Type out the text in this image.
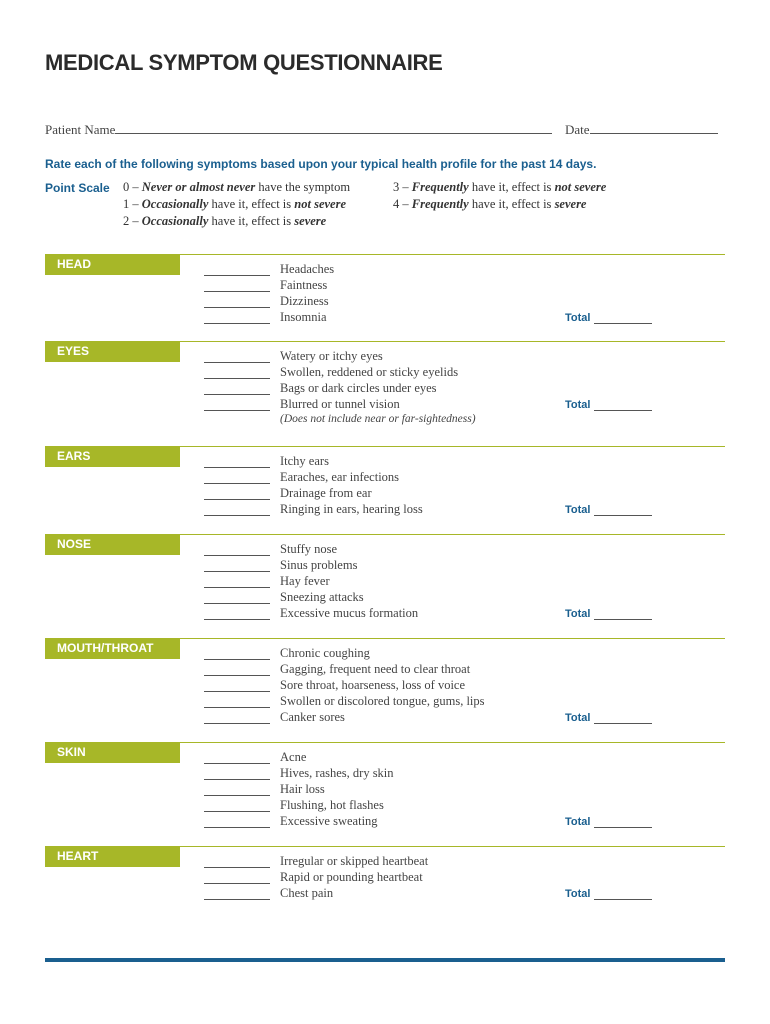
MEDICAL SYMPTOM QUESTIONNAIRE
Patient Name	Date
Rate each of the following symptoms based upon your typical health profile for the past 14 days.
Point Scale 0 – Never or almost never have the symptom
1 – Occasionally have it, effect is not severe
2 – Occasionally have it, effect is severe
3 – Frequently have it, effect is not severe
4 – Frequently have it, effect is severe
HEAD	Headaches
Faintness
Dizziness
Insomnia	Total
EYES	Watery or itchy eyes
Swollen, reddened or sticky eyelids
Bags or dark circles under eyes
Blurred or tunnel vision
(Does not include near or far-sightedness)
Total
EARS	Itchy ears
Earaches, ear infections
Drainage from ear
Ringing in ears, hearing loss	Total
NOSE	Stuffy nose
Sinus problems
Hay fever
Sneezing attacks
Excessive mucus formation	Total
MOUTH/THROAT	Chronic coughing
Gagging, frequent need to clear throat
Sore throat, hoarseness, loss of voice
Swollen or discolored tongue, gums, lips
Canker sores	Total
SKIN	Acne
Hives, rashes, dry skin
Hair loss
Flushing, hot flashes
Excessive sweating	Total
HEART	Irregular or skipped heartbeat
Rapid or pounding heartbeat
Chest pain	Total
